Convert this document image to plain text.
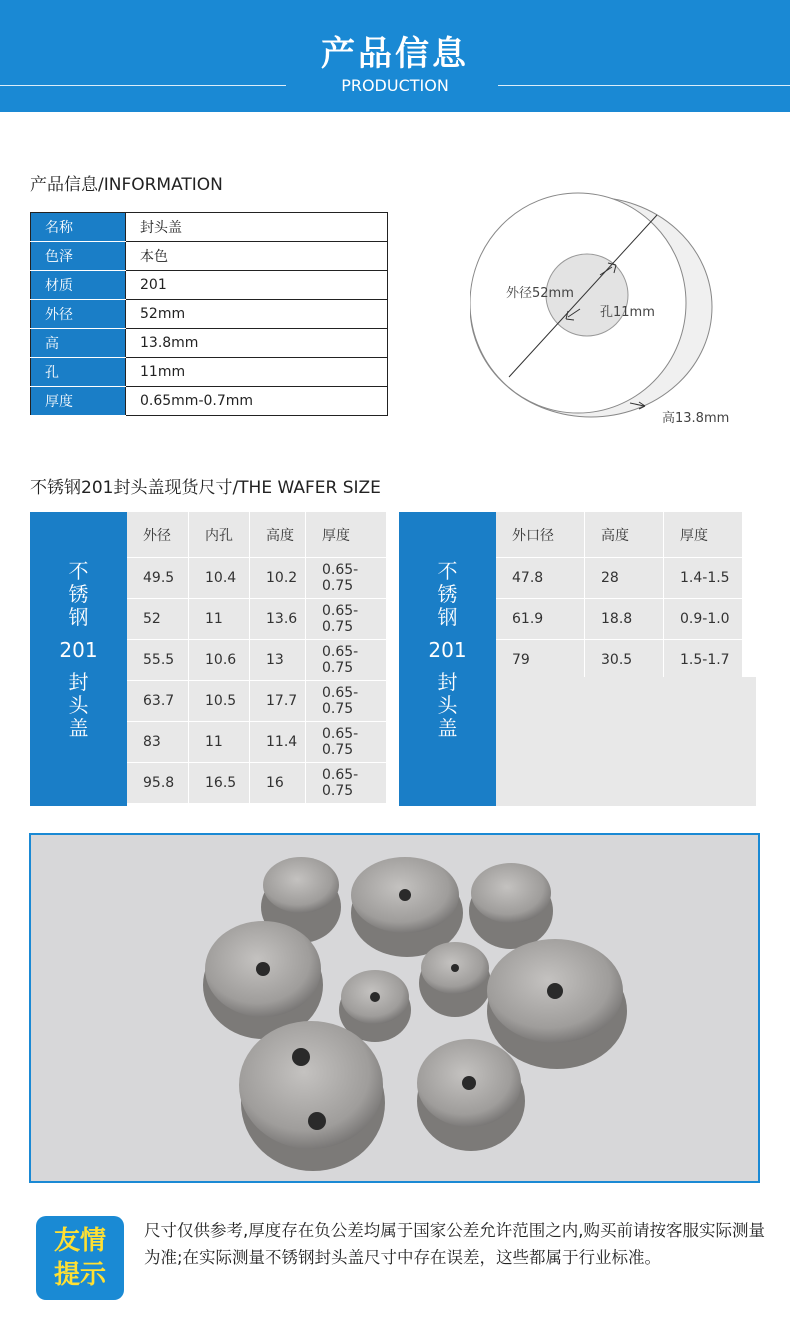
产品信息
PRODUCTION
产品信息/INFORMATION
名称	封头盖
色泽	本色
材质	201
外径	52mm
高	13.8mm
孔	11mm
厚度	0.65mm-0.7mm
外径52mm
孔11mm
高13.8mm
不锈钢201封头盖现货尺寸/THE WAFER SIZE
不
锈
钢
201
封
头
盖
外径	内孔	高度	厚度
49.5	10.4	10.2	0.65-0.75
52	11	13.6	0.65-0.75
55.5	10.6	13	0.65-0.75
63.7	10.5	17.7	0.65-0.75
83	11	11.4	0.65-0.75
95.8	16.5	16	0.65-0.75
不
锈
钢
201
封
头
盖
外口径	高度	厚度
47.8	28	1.4-1.5
61.9	18.8	0.9-1.0
79	30.5	1.5-1.7
友情
提示
尺寸仅供参考,厚度存在负公差均属于国家公差允许范围之内,购买前请按客服实际测量为准;在实际测量不锈钢封头盖尺寸中存在误差，这些都属于行业标准。
